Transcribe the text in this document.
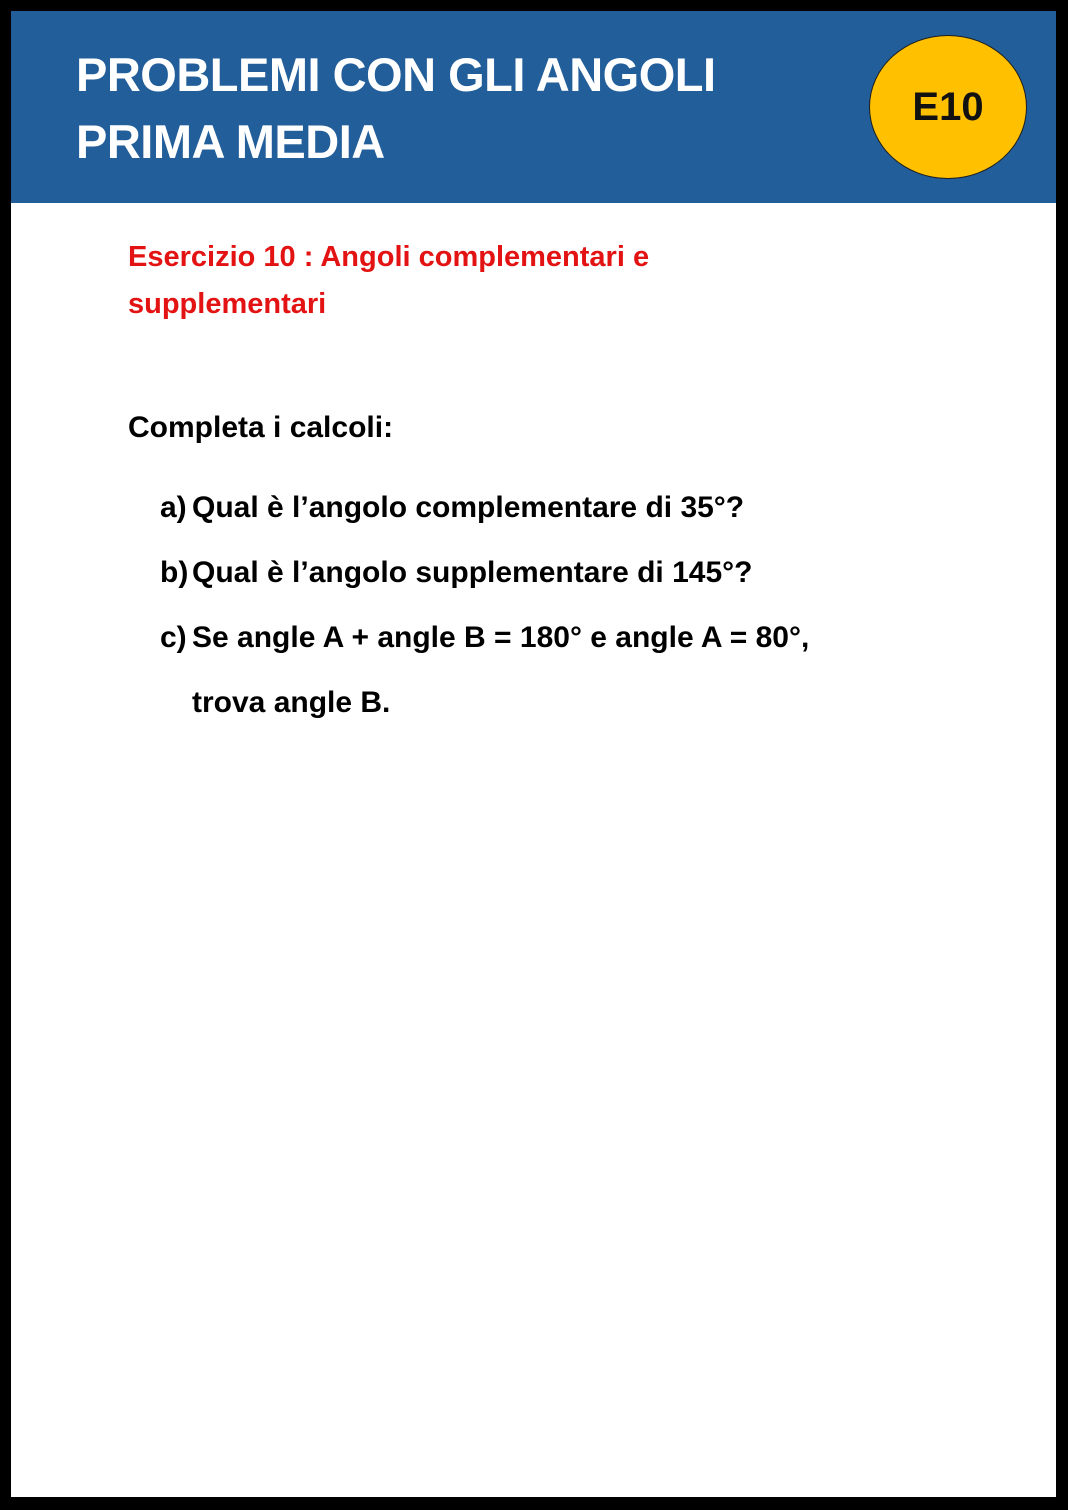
PROBLEMI CON GLI ANGOLI
PRIMA MEDIA
E10
Esercizio 10 : Angoli complementari e supplementari
Completa i calcoli:
a) Qual è l’angolo complementare di 35°?
b) Qual è l’angolo supplementare di 145°?
c) Se angle A + angle B = 180° e angle A = 80°,
trova angle B.
